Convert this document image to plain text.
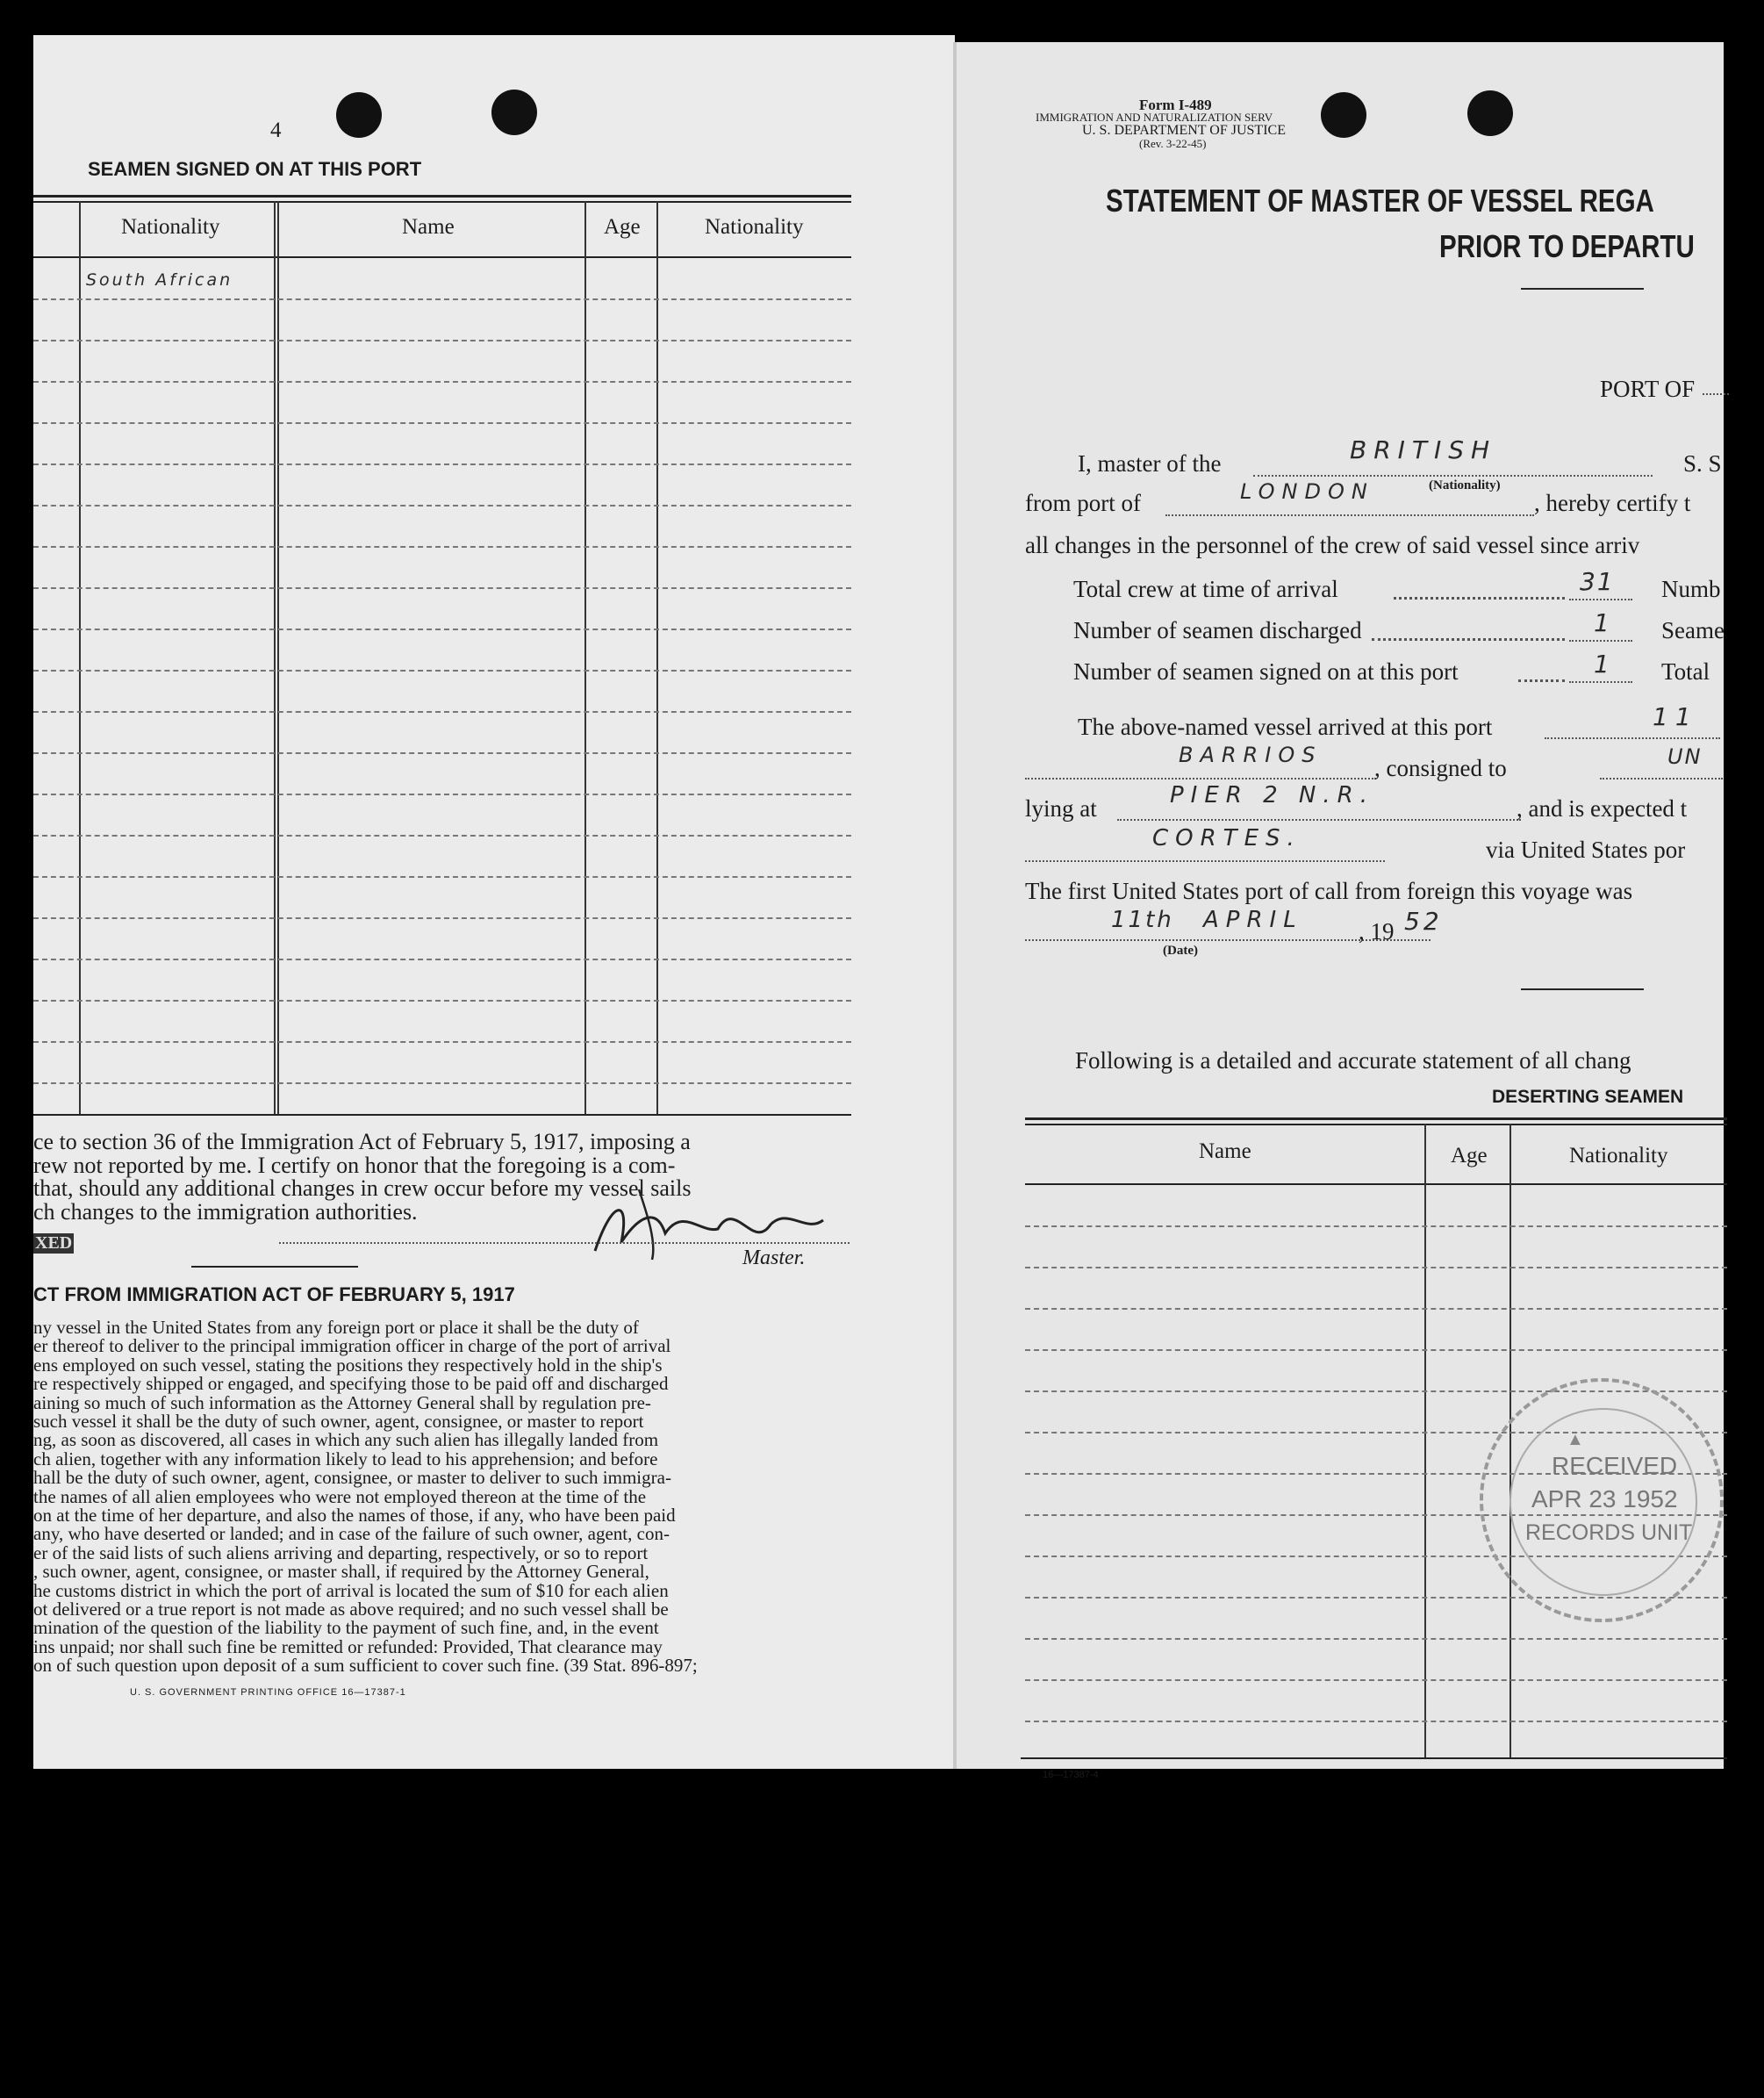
4
SEAMEN SIGNED ON AT THIS PORT
Nationality	Name	Age	Nationality
South African
ce to section 36 of the Immigration Act of February 5, 1917, imposing a
rew not reported by me. I certify on honor that the foregoing is a com-
that, should any additional changes in crew occur before my vessel sails
ch changes to the immigration authorities.
XED
Master.
CT FROM IMMIGRATION ACT OF FEBRUARY 5, 1917
ny vessel in the United States from any foreign port or place it shall be the duty of
er thereof to deliver to the principal immigration officer in charge of the port of arrival
ens employed on such vessel, stating the positions they respectively hold in the ship's
re respectively shipped or engaged, and specifying those to be paid off and discharged
aining so much of such information as the Attorney General shall by regulation pre-
such vessel it shall be the duty of such owner, agent, consignee, or master to report
ng, as soon as discovered, all cases in which any such alien has illegally landed from
ch alien, together with any information likely to lead to his apprehension; and before
hall be the duty of such owner, agent, consignee, or master to deliver to such immigra-
the names of all alien employees who were not employed thereon at the time of the
on at the time of her departure, and also the names of those, if any, who have been paid
any, who have deserted or landed; and in case of the failure of such owner, agent, con-
er of the said lists of such aliens arriving and departing, respectively, or so to report
, such owner, agent, consignee, or master shall, if required by the Attorney General,
he customs district in which the port of arrival is located the sum of $10 for each alien
ot delivered or a true report is not made as above required; and no such vessel shall be
mination of the question of the liability to the payment of such fine, and, in the event
ins unpaid; nor shall such fine be remitted or refunded: Provided, That clearance may
on of such question upon deposit of a sum sufficient to cover such fine. (39 Stat. 896-897;
U. S. GOVERNMENT PRINTING OFFICE 16—17387-1
Form I-489
IMMIGRATION AND NATURALIZATION SERV
U. S. DEPARTMENT OF JUSTICE
(Rev. 3-22-45)
STATEMENT OF MASTER OF VESSEL REGA
PRIOR TO DEPARTU
PORT OF
I, master of the	BRITISH
(Nationality)
S. S
from port of	LONDON	, hereby certify t
all changes in the personnel of the crew of said vessel since arriv
Total crew at time of arrival	31 Numb
Number of seamen discharged	1 Seame
Number of seamen signed on at this port	1 Total
The above-named vessel arrived at this port	11
BARRIOS , consigned to	UN
lying at	PIER 2 N.R.	, and is expected t
CORTES.	via United States por
The first United States port of call from foreign this voyage was
11th APRIL , 19 52
(Date)
Following is a detailed and accurate statement of all chang
DESERTING SEAMEN
Name	Age	Nationality
16—17387-4
▲
RECEIVED
APR 23 1952
RECORDS UNIT
